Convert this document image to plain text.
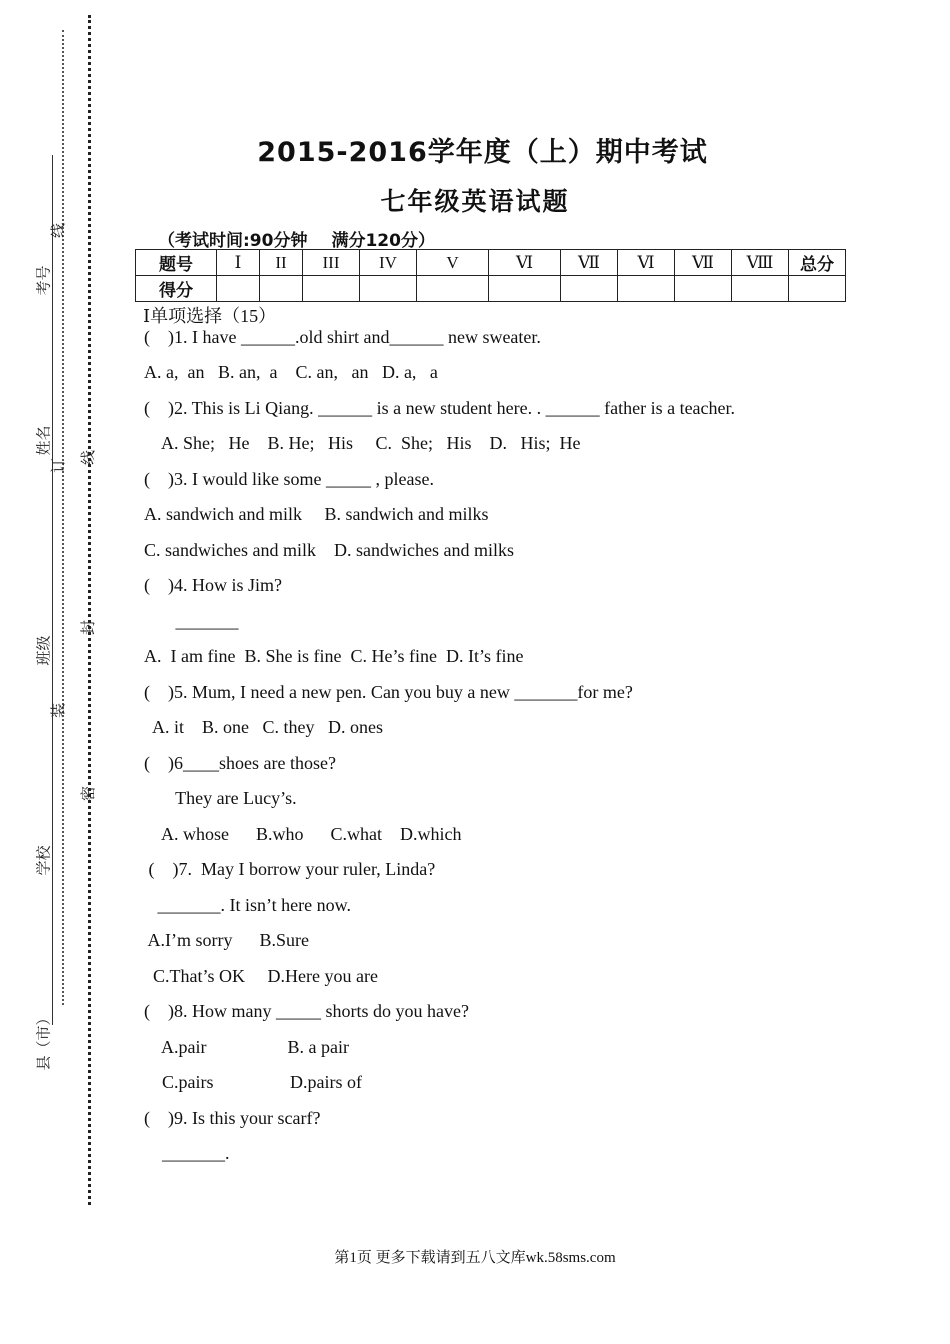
考号
线
姓名
订
线
班级
封
装
密
学校
县（市）
2015-2016学年度（上）期中考试
七年级英语试题
（考试时间:90分钟 满分120分）
题号	Ⅰ	II	III	IV	V	Ⅵ	Ⅶ	Ⅵ	Ⅶ	Ⅷ	总分
得分											
Ⅰ单项选择（15）
(    )1. I have ______.old shirt and______ new sweater.
A. a,  an   B. an,  a    C. an,   an   D. a,   a
(    )2. This is Li Qiang. ______ is a new student here. . ______ father is a teacher.
A. She;   He    B. He;   His     C.  She;   His    D.   His;  He
(    )3. I would like some _____ , please.
A. sandwich and milk     B. sandwich and milks
C. sandwiches and milk    D. sandwiches and milks
(    )4. How is Jim?
_______
A.  I am fine  B. She is fine  C. He’s fine  D. It’s fine
(    )5. Mum, I need a new pen. Can you buy a new _______for me?
A. it    B. one   C. they   D. ones
(    )6____shoes are those?
They are Lucy’s.
A. whose      B.who      C.what    D.which
(    )7.  May I borrow your ruler, Linda?
_______. It isn’t here now.
A.I’m sorry      B.Sure
C.That’s OK     D.Here you are
(    )8. How many _____ shorts do you have?
A.pair                  B. a pair
C.pairs                 D.pairs of
(    )9. Is this your scarf?
_______.
第1页 更多下载请到五八文库wk.58sms.com
